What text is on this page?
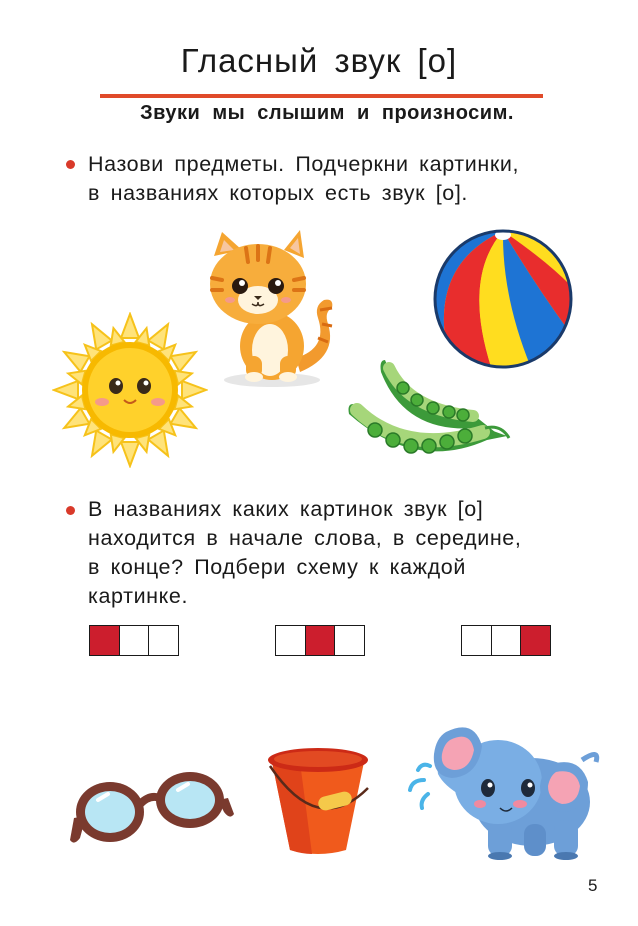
Гласный звук [о]
Звуки мы слышим и произносим.
Назови предметы. Подчеркни картинки,
в названиях которых есть звук [о].
В названиях каких картинок звук [о]
находится в начале слова, в середине,
в конце? Подбери схему к каждой
картинке.
5
